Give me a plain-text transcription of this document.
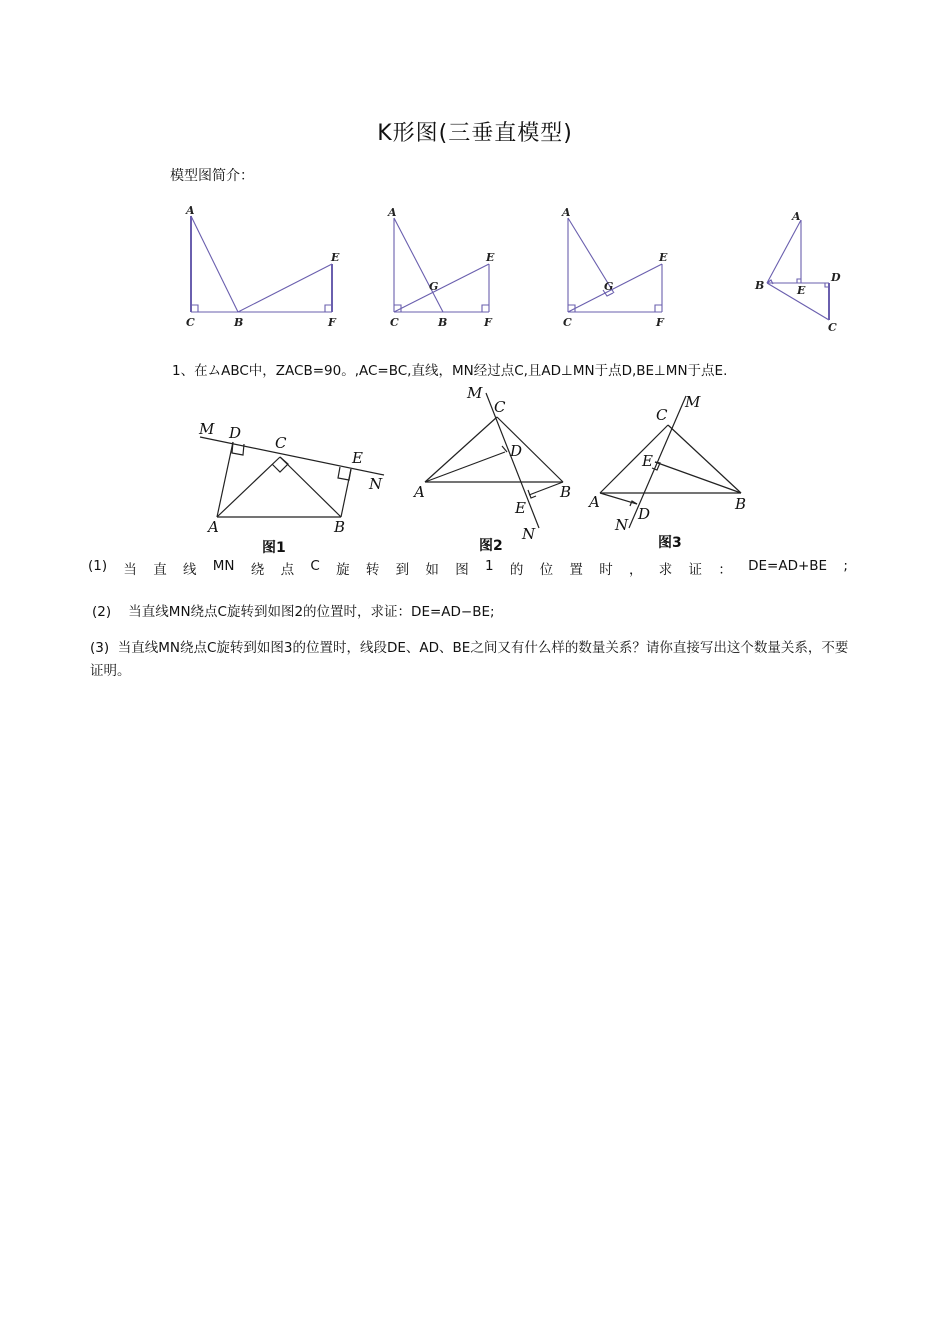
K形图(三垂直模型)
模型图简介：
A
C	B
E
F
A
G
E
C	B	F
A
G
E
C	F
A
B	E
D
C
1、在ムABC中，ZACB=90。,AC=BC,直线，MN经过点C,且AD⊥MN于点D,BE⊥MN于点E.
M D
C
E
N
A	B
图1
M
C
D
A	B
E
N
图2
C
M
E
A	B
N
D
图3
(1) 当 直 线 MN 绕 点 C 旋 转 到 如 图 1 的 位 置 时 ， 求 证 ： DE=AD+BE ;
(2) 当直线MN绕点C旋转到如图2的位置时，求证：DE=AD−BE;
(3) 当直线MN绕点C旋转到如图3的位置时，线段DE、AD、BE之间又有什么样的数量关系？请你直接写出这个数量关系，不要证明。
